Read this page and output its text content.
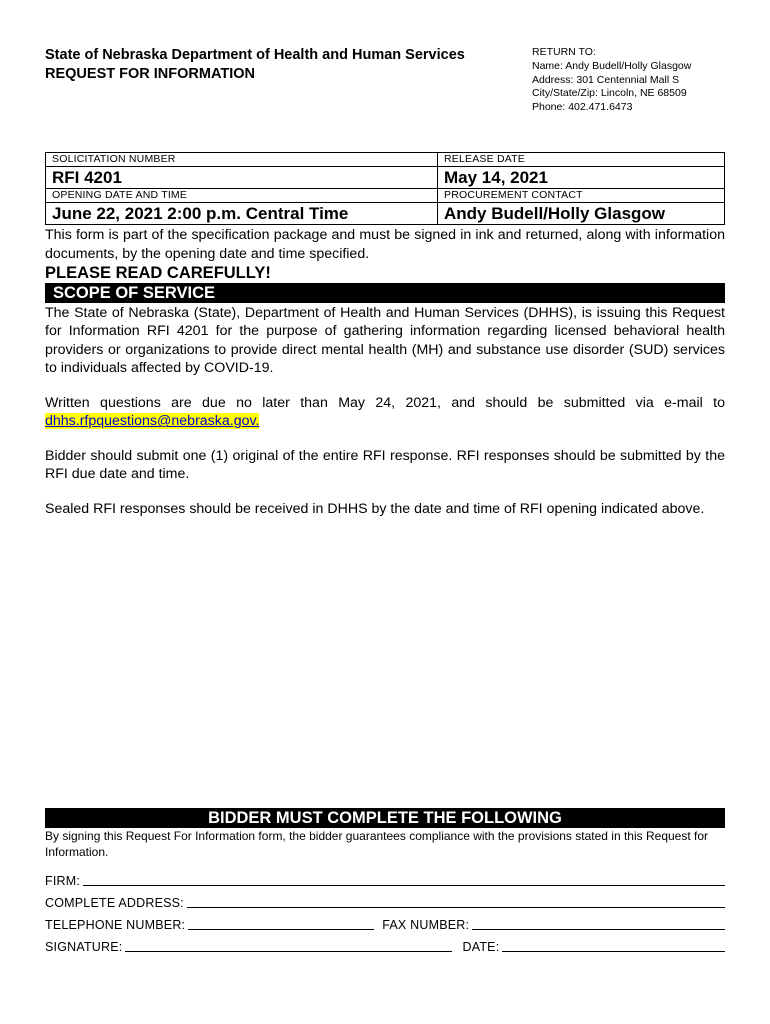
State of Nebraska Department of Health and Human Services
REQUEST FOR INFORMATION
RETURN TO:
Name: Andy Budell/Holly Glasgow
Address: 301 Centennial Mall S
City/State/Zip: Lincoln, NE 68509
Phone: 402.471.6473
SOLICITATION NUMBER	RELEASE DATE
RFI 4201	May 14, 2021
OPENING DATE AND TIME	PROCUREMENT CONTACT
June 22, 2021 2:00 p.m. Central Time	Andy Budell/Holly Glasgow
This form is part of the specification package and must be signed in ink and returned, along with information documents, by the opening date and time specified.
PLEASE READ CAREFULLY!
SCOPE OF SERVICE
The State of Nebraska (State), Department of Health and Human Services (DHHS), is issuing this Request for Information RFI 4201 for the purpose of gathering information regarding licensed behavioral health providers or organizations to provide direct mental health (MH) and substance use disorder (SUD) services to individuals affected by COVID-19.
Written questions are due no later than May 24, 2021, and should be submitted via e-mail to dhhs.rfpquestions@nebraska.gov.
Bidder should submit one (1) original of the entire RFI response. RFI responses should be submitted by the RFI due date and time.
Sealed RFI responses should be received in DHHS by the date and time of RFI opening indicated above.
BIDDER MUST COMPLETE THE FOLLOWING
By signing this Request For Information form, the bidder guarantees compliance with the provisions stated in this Request for Information.
FIRM:
COMPLETE ADDRESS:
TELEPHONE NUMBER:	FAX NUMBER:
SIGNATURE:	DATE:
